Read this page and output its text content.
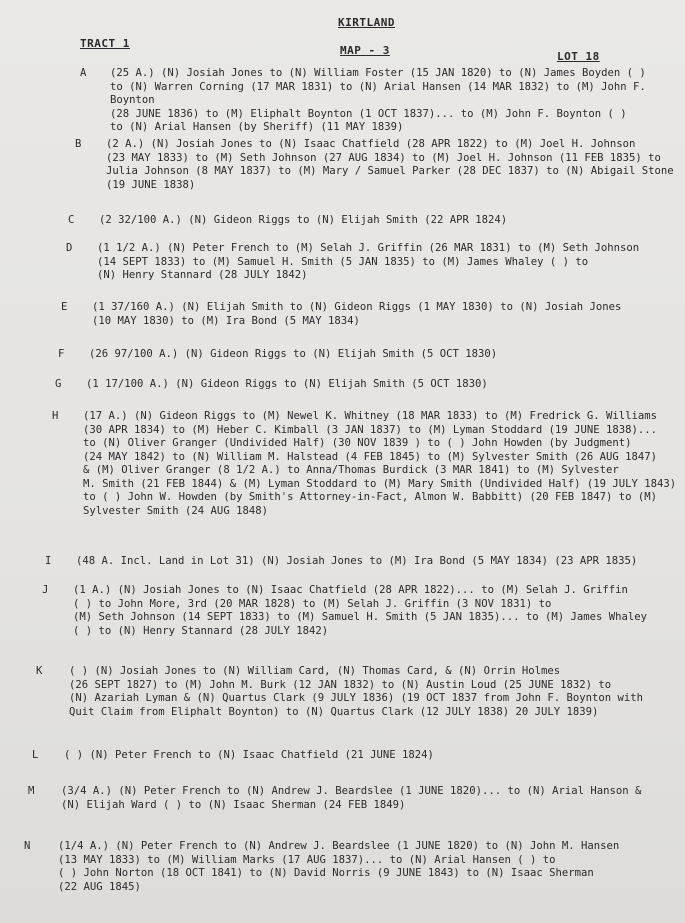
KIRTLAND
TRACT 1
MAP - 3	LOT 18
A (25 A.) (N) Josiah Jones to (N) William Foster (15 JAN 1820) to (N) James Boyden ( )
to (N) Warren Corning (17 MAR 1831) to (N) Arial Hansen (14 MAR 1832) to (M) John F. Boynton
(28 JUNE 1836) to (M) Eliphalt Boynton (1 OCT 1837)... to (M) John F. Boynton ( )
to (N) Arial Hansen (by Sheriff) (11 MAY 1839)
B (2 A.) (N) Josiah Jones to (N) Isaac Chatfield (28 APR 1822) to (M) Joel H. Johnson
(23 MAY 1833) to (M) Seth Johnson (27 AUG 1834) to (M) Joel H. Johnson (11 FEB 1835) to
Julia Johnson (8 MAY 1837) to (M) Mary / Samuel Parker (28 DEC 1837) to (N) Abigail Stone
(19 JUNE 1838)
C (2 32/100 A.) (N) Gideon Riggs to (N) Elijah Smith (22 APR 1824)
D (1 1/2 A.) (N) Peter French to (M) Selah J. Griffin (26 MAR 1831) to (M) Seth Johnson
(14 SEPT 1833) to (M) Samuel H. Smith (5 JAN 1835) to (M) James Whaley ( ) to
(N) Henry Stannard (28 JULY 1842)
E (1 37/160 A.) (N) Elijah Smith to (N) Gideon Riggs (1 MAY 1830) to (N) Josiah Jones
(10 MAY 1830) to (M) Ira Bond (5 MAY 1834)
F (26 97/100 A.) (N) Gideon Riggs to (N) Elijah Smith (5 OCT 1830)
G (1 17/100 A.) (N) Gideon Riggs to (N) Elijah Smith (5 OCT 1830)
H (17 A.) (N) Gideon Riggs to (M) Newel K. Whitney (18 MAR 1833) to (M) Fredrick G. Williams
(30 APR 1834) to (M) Heber C. Kimball (3 JAN 1837) to (M) Lyman Stoddard (19 JUNE 1838)...
to (N) Oliver Granger (Undivided Half) (30 NOV 1839 ) to ( ) John Howden (by Judgment)
(24 MAY 1842) to (N) William M. Halstead (4 FEB 1845) to (M) Sylvester Smith (26 AUG 1847)
& (M) Oliver Granger (8 1/2 A.) to Anna/Thomas Burdick (3 MAR 1841) to (M) Sylvester
M. Smith (21 FEB 1844) & (M) Lyman Stoddard to (M) Mary Smith (Undivided Half) (19 JULY 1843)
to ( ) John W. Howden (by Smith's Attorney-in-Fact, Almon W. Babbitt) (20 FEB 1847) to (M)
Sylvester Smith (24 AUG 1848)
I (48 A. Incl. Land in Lot 31) (N) Josiah Jones to (M) Ira Bond (5 MAY 1834) (23 APR 1835)
J (1 A.) (N) Josiah Jones to (N) Isaac Chatfield (28 APR 1822)... to (M) Selah J. Griffin
( ) to John More, 3rd (20 MAR 1828) to (M) Selah J. Griffin (3 NOV 1831) to
(M) Seth Johnson (14 SEPT 1833) to (M) Samuel H. Smith (5 JAN 1835)... to (M) James Whaley
( ) to (N) Henry Stannard (28 JULY 1842)
K	( ) (N) Josiah Jones to (N) William Card, (N) Thomas Card, & (N) Orrin Holmes
(26 SEPT 1827) to (M) John M. Burk (12 JAN 1832) to (N) Austin Loud (25 JUNE 1832) to
(N) Azariah Lyman & (N) Quartus Clark (9 JULY 1836) (19 OCT 1837 from John F. Boynton with
Quit Claim from Eliphalt Boynton) to (N) Quartus Clark (12 JULY 1838) 20 JULY 1839)
L ( ) (N) Peter French to (N) Isaac Chatfield (21 JUNE 1824)
M	(3/4 A.) (N) Peter French to (N) Andrew J. Beardslee (1 JUNE 1820)... to (N) Arial Hanson &
(N) Elijah Ward ( ) to (N) Isaac Sherman (24 FEB 1849)
N	(1/4 A.) (N) Peter French to (N) Andrew J. Beardslee (1 JUNE 1820) to (N) John M. Hansen
(13 MAY 1833) to (M) William Marks (17 AUG 1837)... to (N) Arial Hansen ( ) to
( ) John Norton (18 OCT 1841) to (N) David Norris (9 JUNE 1843) to (N) Isaac Sherman
(22 AUG 1845)
